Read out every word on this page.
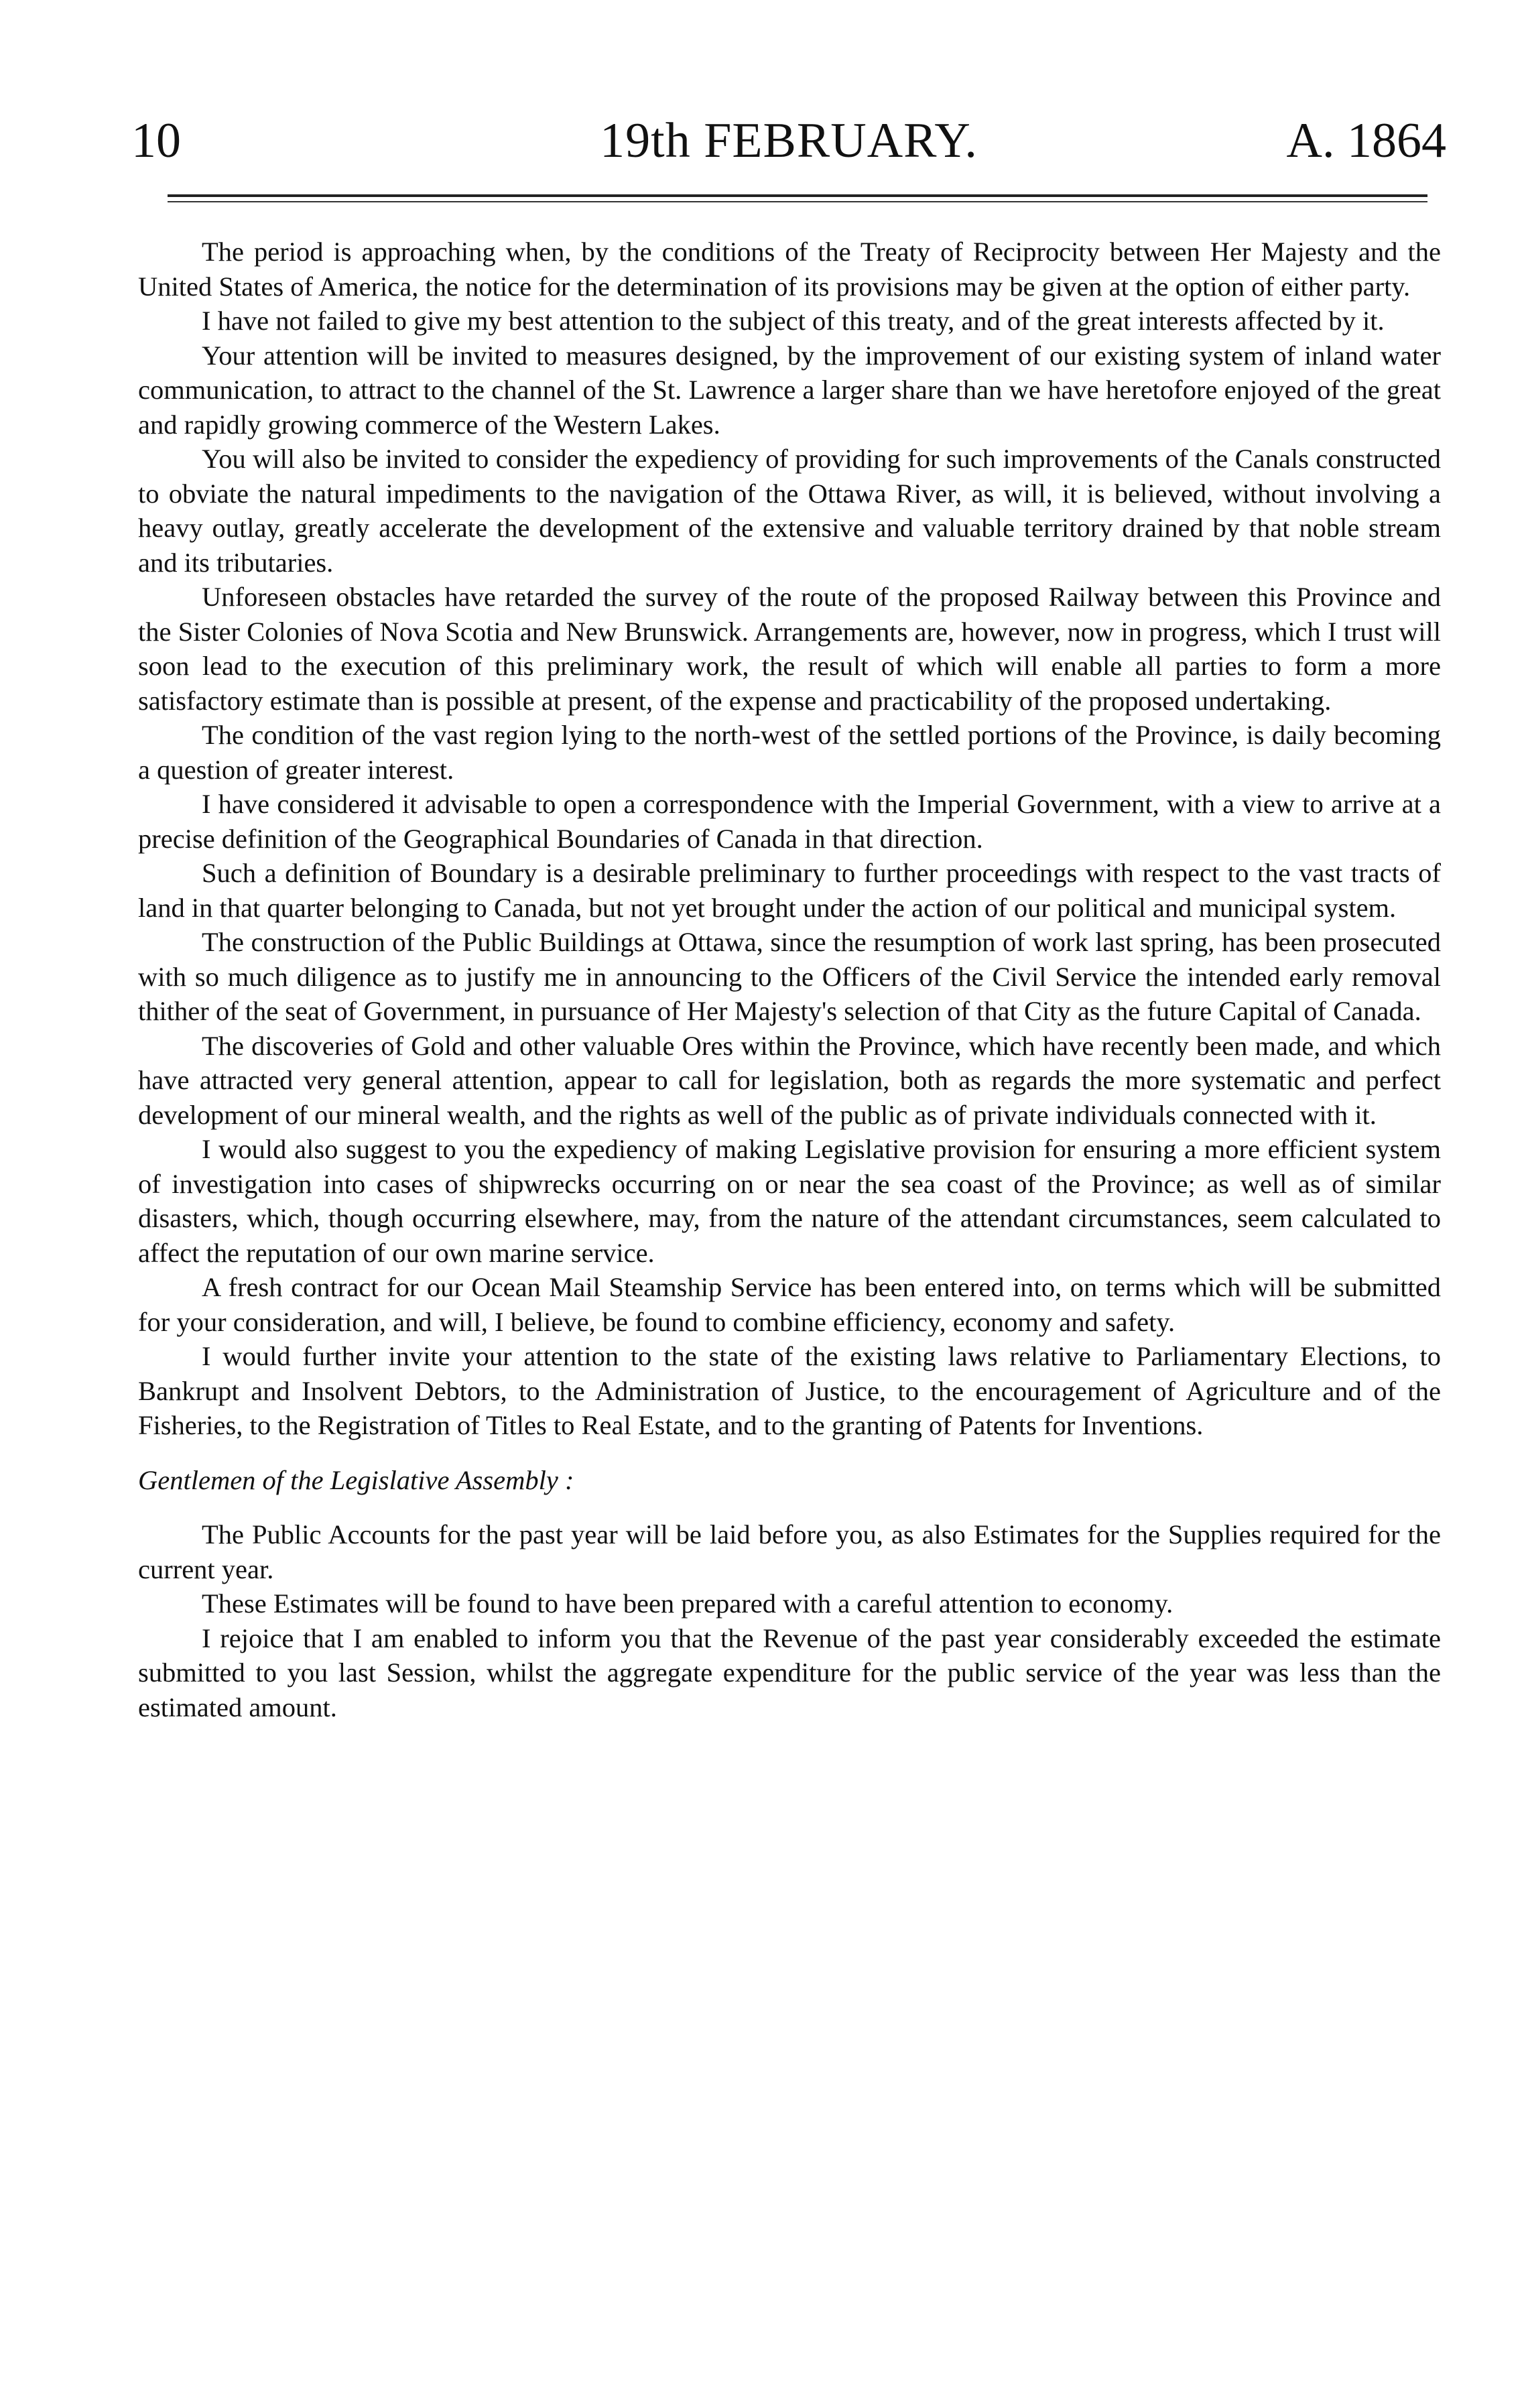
10	19th FEBRUARY.	A. 1864

The period is approaching when, by the conditions of the Treaty of Reciprocity between Her Majesty and the United States of America, the notice for the determination of its provisions may be given at the option of either party.

I have not failed to give my best attention to the subject of this treaty, and of the great interests affected by it.

Your attention will be invited to measures designed, by the improvement of our existing system of inland water communication, to attract to the channel of the St. Lawrence a larger share than we have heretofore enjoyed of the great and rapidly growing commerce of the Western Lakes.

You will also be invited to consider the expediency of providing for such improvements of the Canals constructed to obviate the natural impediments to the navigation of the Ottawa River, as will, it is believed, without involving a heavy outlay, greatly accelerate the development of the extensive and valuable territory drained by that noble stream and its tributaries.

Unforeseen obstacles have retarded the survey of the route of the proposed Railway between this Province and the Sister Colonies of Nova Scotia and New Brunswick. Arrangements are, however, now in progress, which I trust will soon lead to the execution of this preliminary work, the result of which will enable all parties to form a more satisfactory estimate than is possible at present, of the expense and practicability of the proposed undertaking.

The condition of the vast region lying to the north-west of the settled portions of the Province, is daily becoming a question of greater interest.

I have considered it advisable to open a correspondence with the Imperial Government, with a view to arrive at a precise definition of the Geographical Boundaries of Canada in that direction.

Such a definition of Boundary is a desirable preliminary to further proceedings with respect to the vast tracts of land in that quarter belonging to Canada, but not yet brought under the action of our political and municipal system.

The construction of the Public Buildings at Ottawa, since the resumption of work last spring, has been prosecuted with so much diligence as to justify me in announcing to the Officers of the Civil Service the intended early removal thither of the seat of Government, in pursuance of Her Majesty's selection of that City as the future Capital of Canada.

The discoveries of Gold and other valuable Ores within the Province, which have recently been made, and which have attracted very general attention, appear to call for legislation, both as regards the more systematic and perfect development of our mineral wealth, and the rights as well of the public as of private individuals connected with it.

I would also suggest to you the expediency of making Legislative provision for ensuring a more efficient system of investigation into cases of shipwrecks occurring on or near the sea coast of the Province; as well as of similar disasters, which, though occurring elsewhere, may, from the nature of the attendant circumstances, seem calculated to affect the reputation of our own marine service.

A fresh contract for our Ocean Mail Steamship Service has been entered into, on terms which will be submitted for your consideration, and will, I believe, be found to combine efficiency, economy and safety.

I would further invite your attention to the state of the existing laws relative to Parliamentary Elections, to Bankrupt and Insolvent Debtors, to the Administration of Justice, to the encouragement of Agriculture and of the Fisheries, to the Registration of Titles to Real Estate, and to the granting of Patents for Inventions.

Gentlemen of the Legislative Assembly :

The Public Accounts for the past year will be laid before you, as also Estimates for the Supplies required for the current year.

These Estimates will be found to have been prepared with a careful attention to economy.

I rejoice that I am enabled to inform you that the Revenue of the past year considerably exceeded the estimate submitted to you last Session, whilst the aggregate expenditure for the public service of the year was less than the estimated amount.
